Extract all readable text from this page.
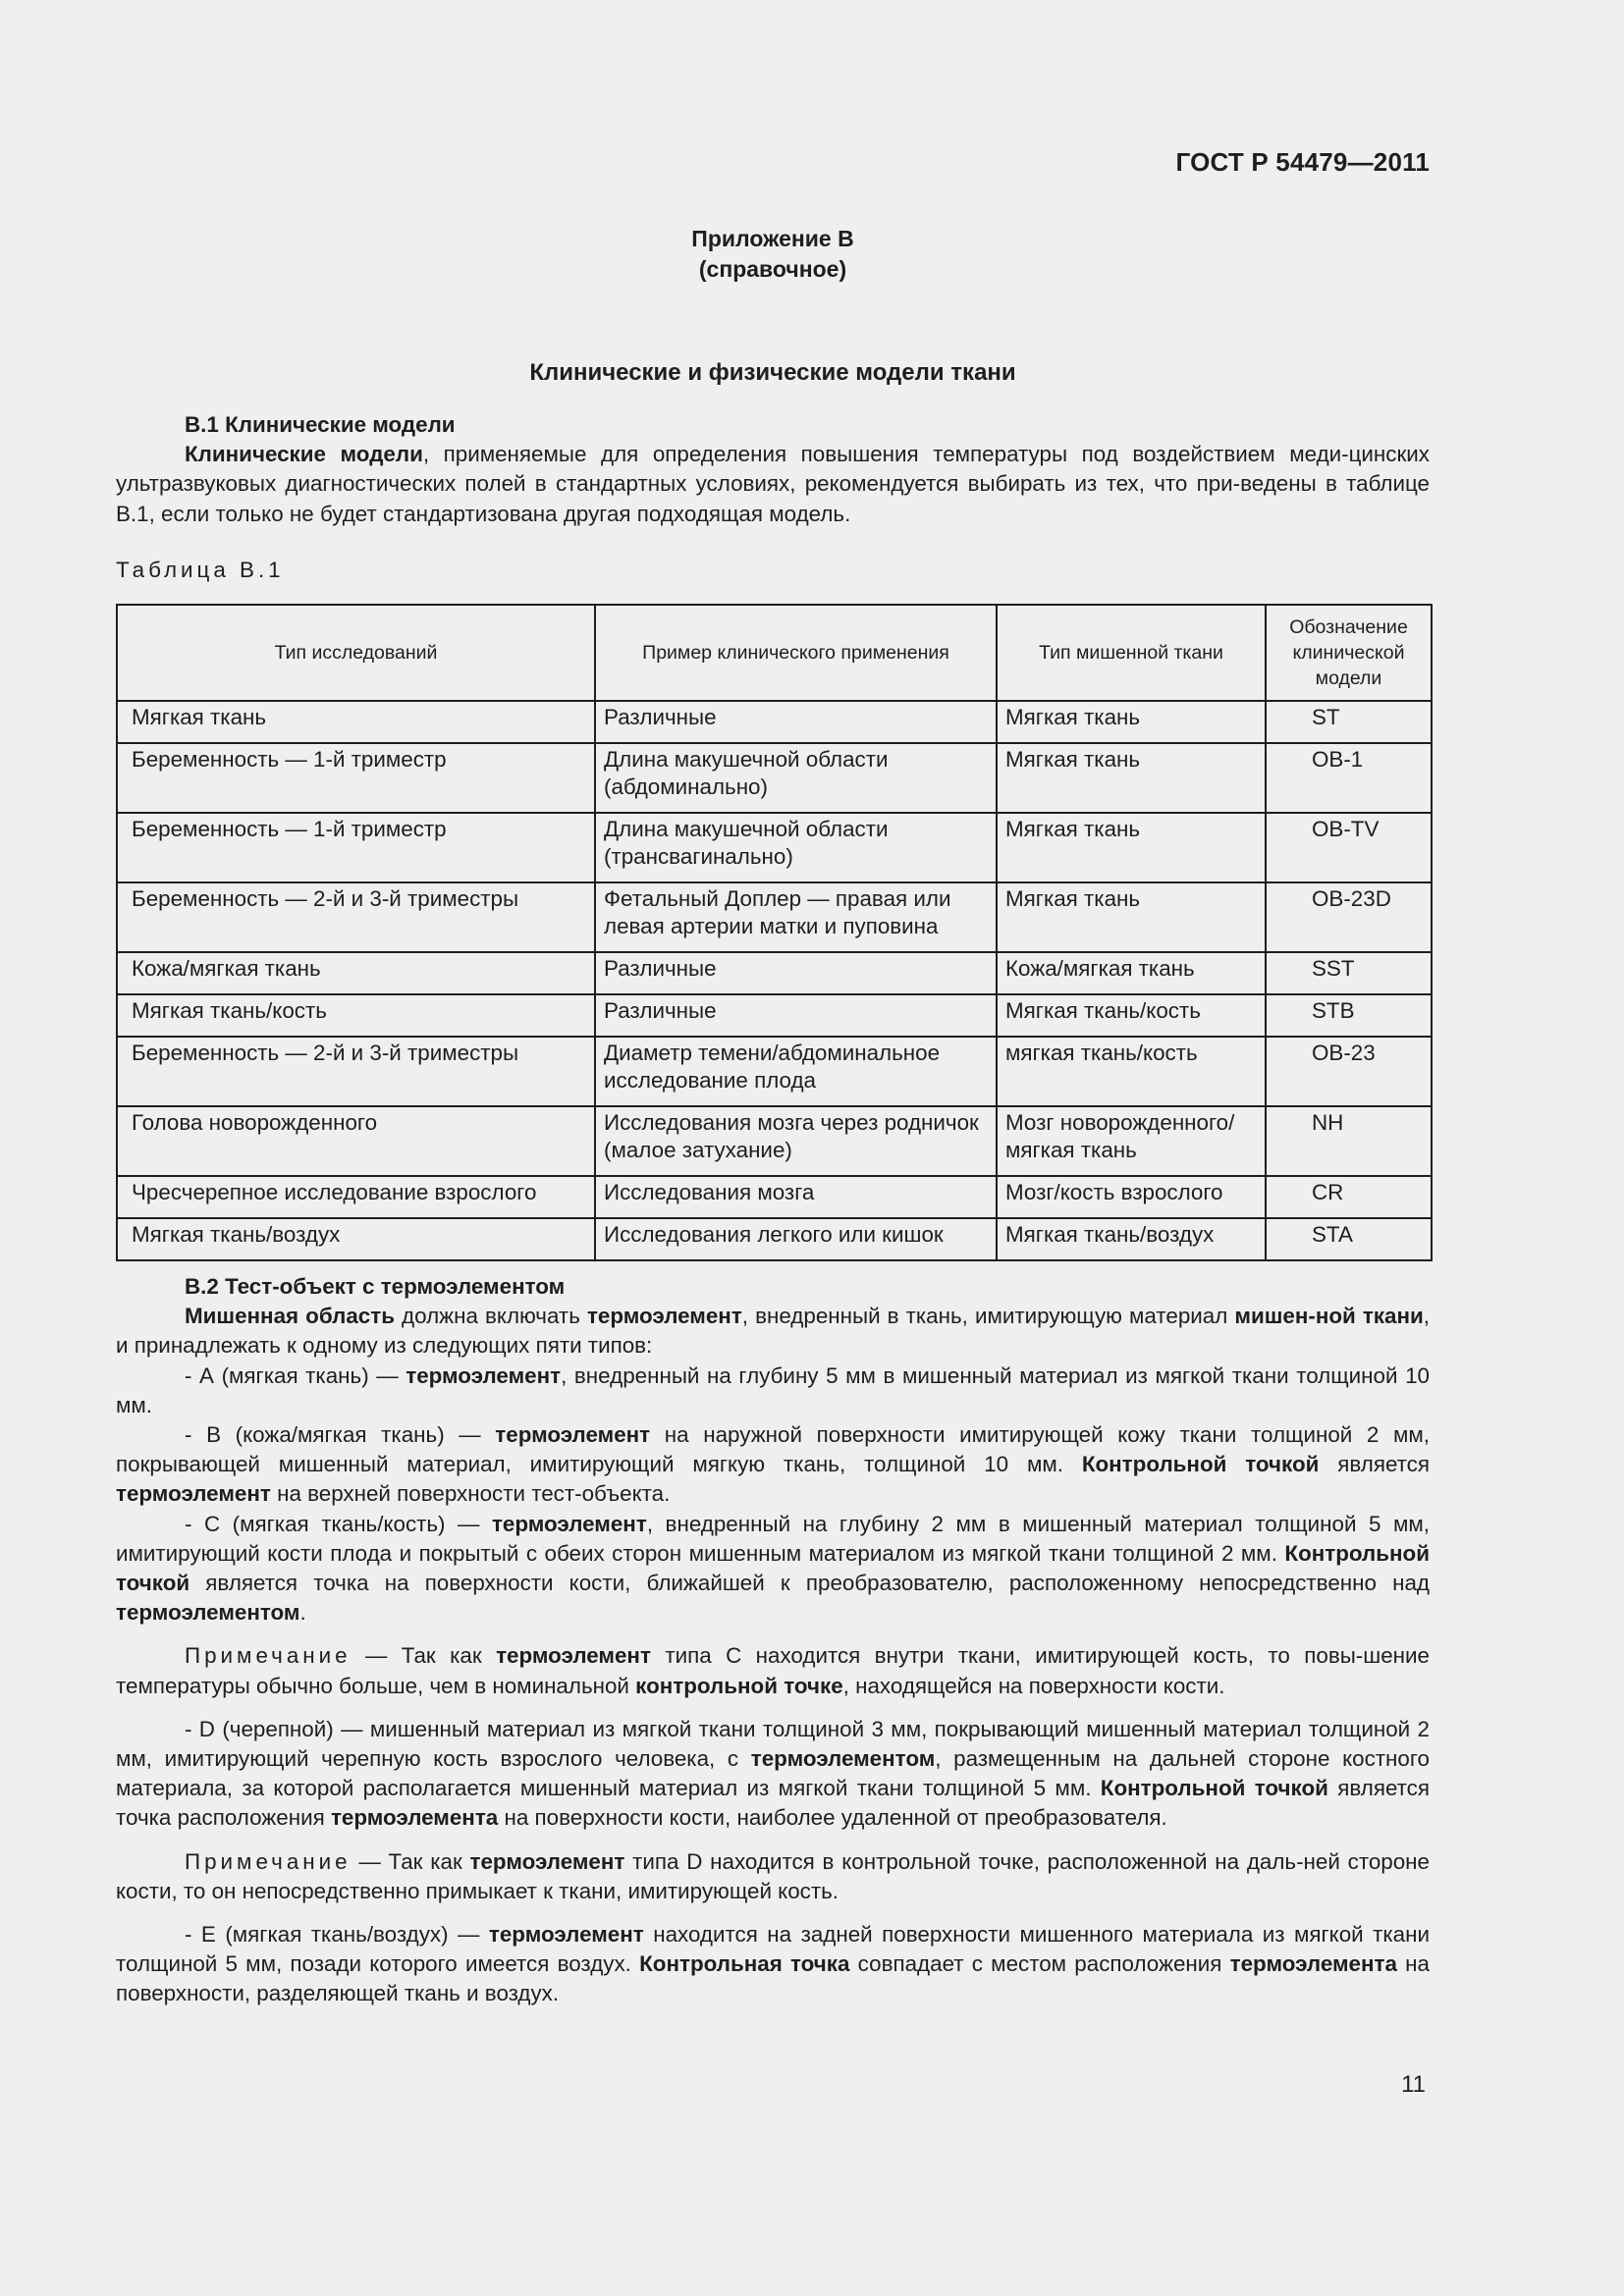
ГОСТ Р 54479—2011
Приложение В
(справочное)
Клинические и физические модели ткани
В.1 Клинические модели

Клинические модели, применяемые для определения повышения температуры под воздействием меди-цинских ультразвуковых диагностических полей в стандартных условиях, рекомендуется выбирать из тех, что при-ведены в таблице В.1, если только не будет стандартизована другая подходящая модель.

Таблица В.1
Тип исследований	Пример клинического применения	Тип мишенной ткани	Обозначение клинической модели
Мягкая ткань	Различные	Мягкая ткань	ST
Беременность — 1-й триместр	Длина макушечной области (абдоминально)	Мягкая ткань	OB-1
Беременность — 1-й триместр	Длина макушечной области (трансвагинально)	Мягкая ткань	OB-TV
Беременность — 2-й и 3-й триместры	Фетальный Доплер — правая или левая артерии матки и пуповина	Мягкая ткань	OB-23D
Кожа/мягкая ткань	Различные	Кожа/мягкая ткань	SST
Мягкая ткань/кость	Различные	Мягкая ткань/кость	STB
Беременность — 2-й и 3-й триместры	Диаметр темени/абдоминальное исследование плода	мягкая ткань/кость	OB-23
Голова новорожденного	Исследования мозга через родничок (малое затухание)	Мозг новорожденного/ мягкая ткань	NH
Чресчерепное исследование взрослого	Исследования мозга	Мозг/кость взрослого	CR
Мягкая ткань/воздух	Исследования легкого или кишок	Мягкая ткань/воздух	STA
В.2 Тест-объект с термоэлементом

Мишенная область должна включать термоэлемент, внедренный в ткань, имитирующую материал мишен-ной ткани, и принадлежать к одному из следующих пяти типов:

- А (мягкая ткань) — термоэлемент, внедренный на глубину 5 мм в мишенный материал из мягкой ткани толщиной 10 мм.

- В (кожа/мягкая ткань) — термоэлемент на наружной поверхности имитирующей кожу ткани толщиной 2 мм, покрывающей мишенный материал, имитирующий мягкую ткань, толщиной 10 мм. Контрольной точкой является термоэлемент на верхней поверхности тест-объекта.

- С (мягкая ткань/кость) — термоэлемент, внедренный на глубину 2 мм в мишенный материал толщиной 5 мм, имитирующий кости плода и покрытый с обеих сторон мишенным материалом из мягкой ткани толщиной 2 мм. Контрольной точкой является точка на поверхности кости, ближайшей к преобразователю, расположенному непосредственно над термоэлементом.

Примечание — Так как термоэлемент типа С находится внутри ткани, имитирующей кость, то повы-шение температуры обычно больше, чем в номинальной контрольной точке, находящейся на поверхности кости.

- D (черепной) — мишенный материал из мягкой ткани толщиной 3 мм, покрывающий мишенный материал толщиной 2 мм, имитирующий черепную кость взрослого человека, с термоэлементом, размещенным на дальней стороне костного материала, за которой располагается мишенный материал из мягкой ткани толщиной 5 мм. Контрольной точкой является точка расположения термоэлемента на поверхности кости, наиболее удаленной от преобразователя.

Примечание — Так как термоэлемент типа D находится в контрольной точке, расположенной на даль-ней стороне кости, то он непосредственно примыкает к ткани, имитирующей кость.

- Е (мягкая ткань/воздух) — термоэлемент находится на задней поверхности мишенного материала из мягкой ткани толщиной 5 мм, позади которого имеется воздух. Контрольная точка совпадает с местом расположения термоэлемента на поверхности, разделяющей ткань и воздух.

11
